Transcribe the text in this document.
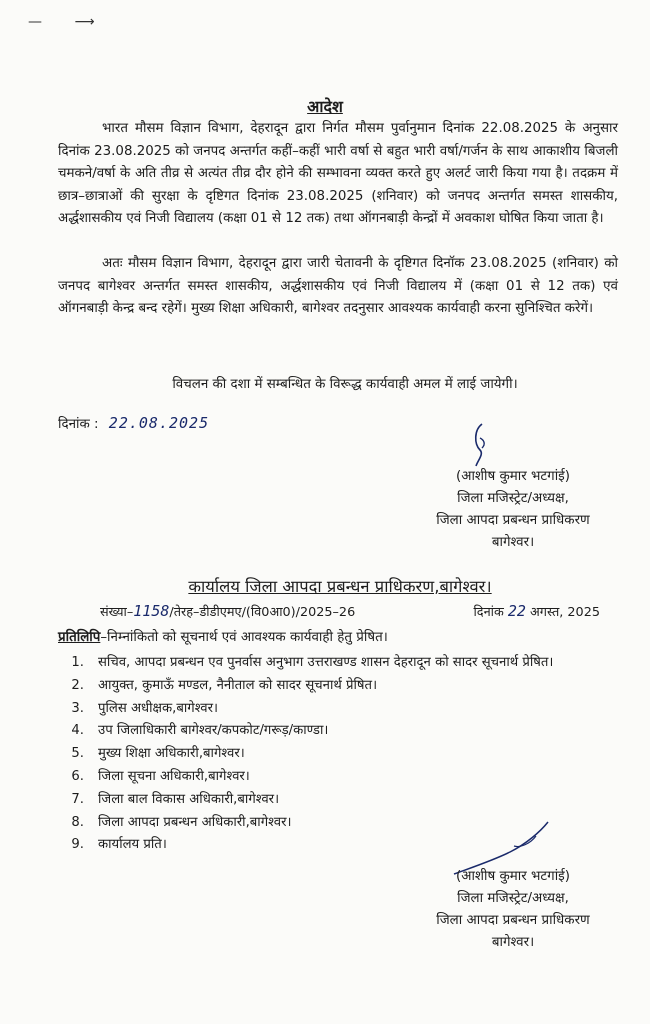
— ⟶
आदेश
भारत मौसम विज्ञान विभाग, देहरादून द्वारा निर्गत मौसम पुर्वानुमान दिनांक 22.08.2025 के अनुसार दिनांक 23.08.2025 को जनपद अन्तर्गत कहीं–कहीं भारी वर्षा से बहुत भारी वर्षा/गर्जन के साथ आकाशीय बिजली चमकने/वर्षा के अति तीव्र से अत्यंत तीव्र दौर होने की सम्भावना व्यक्त करते हुए अलर्ट जारी किया गया है। तदक्रम में छात्र–छात्राओं की सुरक्षा के दृष्टिगत दिनांक 23.08.2025 (शनिवार) को जनपद अन्तर्गत समस्त शासकीय, अर्द्धशासकीय एवं निजी विद्यालय (कक्षा 01 से 12 तक) तथा ऑगनबाड़ी केन्द्रों में अवकाश घोषित किया जाता है।
अतः मौसम विज्ञान विभाग, देहरादून द्वारा जारी चेतावनी के दृष्टिगत दिनॉक 23.08.2025 (शनिवार) को जनपद बागेश्वर अन्तर्गत समस्त शासकीय, अर्द्धशासकीय एवं निजी विद्यालय में (कक्षा 01 से 12 तक) एवं ऑगनबाड़ी केन्द्र बन्द रहेगें। मुख्य शिक्षा अधिकारी, बागेश्वर तदनुसार आवश्यक कार्यवाही करना सुनिश्चित करेगें।
विचलन की दशा में सम्बन्धित के विरूद्ध कार्यवाही अमल में लाई जायेगी।
दिनांक : 22.08.2025
(आशीष कुमार भटगांई)
जिला मजिस्ट्रेट/अध्यक्ष,
जिला आपदा प्रबन्धन प्राधिकरण
बागेश्वर।
कार्यालय जिला आपदा प्रबन्धन प्राधिकरण,बागेश्वर।
संख्या–1158/तेरह–डीडीएमए/(वि0आ0)/2025–26	दिनांक 22 अगस्त, 2025
प्रतिलिपि–निम्नांकितो को सूचनार्थ एवं आवश्यक कार्यवाही हेतु प्रेषित।
1.	सचिव, आपदा प्रबन्धन एव पुनर्वास अनुभाग उत्तराखण्ड शासन देहरादून को सादर सूचनार्थ प्रेषित।
2.	आयुक्त, कुमाऊँ मण्डल, नैनीताल को सादर सूचनार्थ प्रेषित।
3.	पुलिस अधीक्षक,बागेश्वर।
4.	उप जिलाधिकारी बागेश्वर/कपकोट/गरूड़/काण्डा।
5.	मुख्य शिक्षा अधिकारी,बागेश्वर।
6.	जिला सूचना अधिकारी,बागेश्वर।
7.	जिला बाल विकास अधिकारी,बागेश्वर।
8.	जिला आपदा प्रबन्धन अधिकारी,बागेश्वर।
9.	कार्यालय प्रति।
(आशीष कुमार भटगांई)
जिला मजिस्ट्रेट/अध्यक्ष,
जिला आपदा प्रबन्धन प्राधिकरण
बागेश्वर।
